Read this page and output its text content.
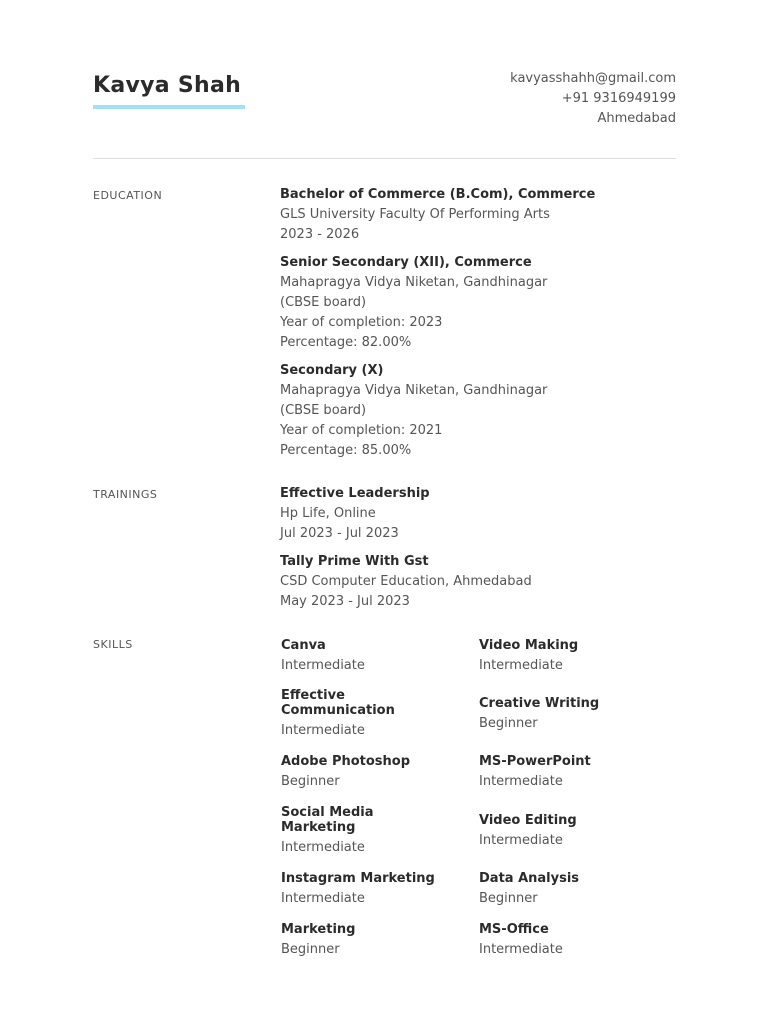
Kavya Shah	kavyasshahh@gmail.com
+91 9316949199
Ahmedabad
EDUCATION	Bachelor of Commerce (B.Com), Commerce
GLS University Faculty Of Performing Arts
2023 - 2026
Senior Secondary (XII), Commerce
Mahapragya Vidya Niketan, Gandhinagar
(CBSE board)
Year of completion: 2023
Percentage: 82.00%
Secondary (X)
Mahapragya Vidya Niketan, Gandhinagar
(CBSE board)
Year of completion: 2021
Percentage: 85.00%
TRAININGS	Effective Leadership
Hp Life, Online
Jul 2023 - Jul 2023
Tally Prime With Gst
CSD Computer Education, Ahmedabad
May 2023 - Jul 2023
SKILLS	Canva
Intermediate
Video Making
Intermediate
Effective Communication
Intermediate
Creative Writing
Beginner
Adobe Photoshop
Beginner
MS-PowerPoint
Intermediate
Social Media Marketing
Intermediate
Video Editing
Intermediate
Instagram Marketing
Intermediate
Data Analysis
Beginner
Marketing
Beginner
MS-Office
Intermediate
